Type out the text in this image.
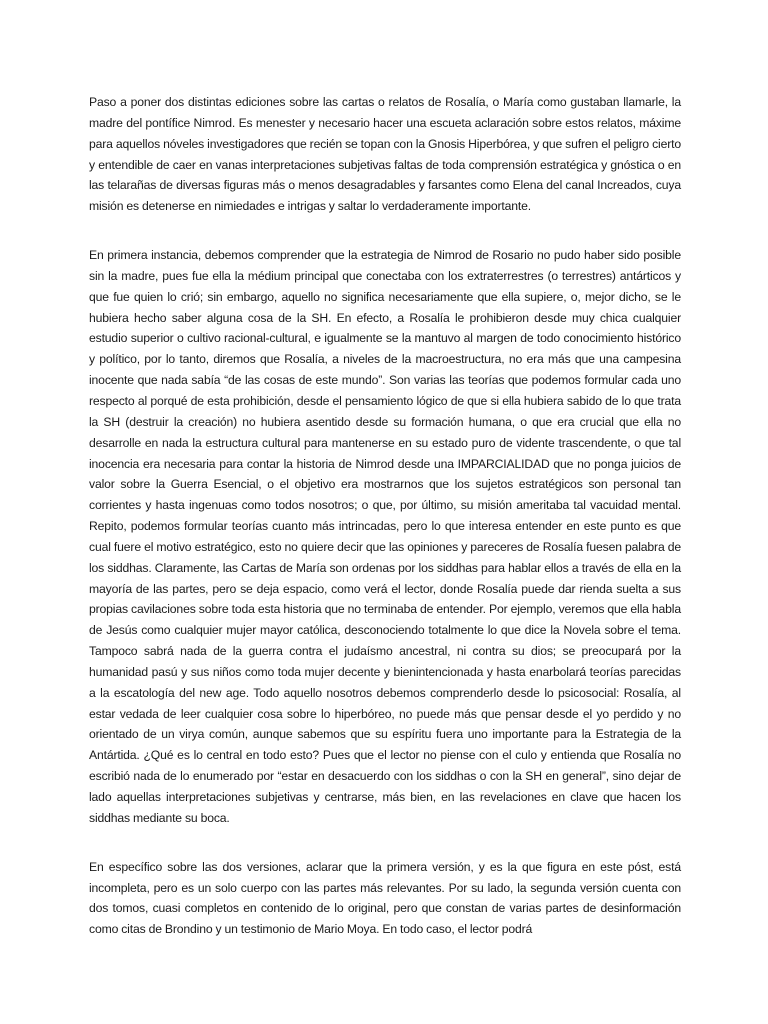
Paso a poner dos distintas ediciones sobre las cartas o relatos de Rosalía, o María como gustaban llamarle, la madre del pontífice Nimrod. Es menester y necesario hacer una escueta aclaración sobre estos relatos, máxime para aquellos nóveles investigadores que recién se topan con la Gnosis Hiperbórea, y que sufren el peligro cierto y entendible de caer en vanas interpretaciones subjetivas faltas de toda comprensión estratégica y gnóstica o en las telarañas de diversas figuras más o menos desagradables y farsantes como Elena del canal Increados, cuya misión es detenerse en nimiedades e intrigas y saltar lo verdaderamente importante.

En primera instancia, debemos comprender que la estrategia de Nimrod de Rosario no pudo haber sido posible sin la madre, pues fue ella la médium principal que conectaba con los extraterrestres (o terrestres) antárticos y que fue quien lo crió; sin embargo, aquello no significa necesariamente que ella supiere, o, mejor dicho, se le hubiera hecho saber alguna cosa de la SH. En efecto, a Rosalía le prohibieron desde muy chica cualquier estudio superior o cultivo racional-cultural, e igualmente se la mantuvo al margen de todo conocimiento histórico y político, por lo tanto, diremos que Rosalía, a niveles de la macroestructura, no era más que una campesina inocente que nada sabía “de las cosas de este mundo”. Son varias las teorías que podemos formular cada uno respecto al porqué de esta prohibición, desde el pensamiento lógico de que si ella hubiera sabido de lo que trata la SH (destruir la creación) no hubiera asentido desde su formación humana, o que era crucial que ella no desarrolle en nada la estructura cultural para mantenerse en su estado puro de vidente trascendente, o que tal inocencia era necesaria para contar la historia de Nimrod desde una IMPARCIALIDAD que no ponga juicios de valor sobre la Guerra Esencial, o el objetivo era mostrarnos que los sujetos estratégicos son personal tan corrientes y hasta ingenuas como todos nosotros; o que, por último, su misión ameritaba tal vacuidad mental. Repito, podemos formular teorías cuanto más intrincadas, pero lo que interesa entender en este punto es que cual fuere el motivo estratégico, esto no quiere decir que las opiniones y pareceres de Rosalía fuesen palabra de los siddhas. Claramente, las Cartas de María son ordenas por los siddhas para hablar ellos a través de ella en la mayoría de las partes, pero se deja espacio, como verá el lector, donde Rosalía puede dar rienda suelta a sus propias cavilaciones sobre toda esta historia que no terminaba de entender. Por ejemplo, veremos que ella habla de Jesús como cualquier mujer mayor católica, desconociendo totalmente lo que dice la Novela sobre el tema. Tampoco sabrá nada de la guerra contra el judaísmo ancestral, ni contra su dios; se preocupará por la humanidad pasú y sus niños como toda mujer decente y bienintencionada y hasta enarbolará teorías parecidas a la escatología del new age. Todo aquello nosotros debemos comprenderlo desde lo psicosocial: Rosalía, al estar vedada de leer cualquier cosa sobre lo hiperbóreo, no puede más que pensar desde el yo perdido y no orientado de un virya común, aunque sabemos que su espíritu fuera uno importante para la Estrategia de la Antártida. ¿Qué es lo central en todo esto? Pues que el lector no piense con el culo y entienda que Rosalía no escribió nada de lo enumerado por “estar en desacuerdo con los siddhas o con la SH en general”, sino dejar de lado aquellas interpretaciones subjetivas y centrarse, más bien, en las revelaciones en clave que hacen los siddhas mediante su boca.

En específico sobre las dos versiones, aclarar que la primera versión, y es la que figura en este póst, está incompleta, pero es un solo cuerpo con las partes más relevantes. Por su lado, la segunda versión cuenta con dos tomos, cuasi completos en contenido de lo original, pero que constan de varias partes de desinformación como citas de Brondino y un testimonio de Mario Moya. En todo caso, el lector podrá
